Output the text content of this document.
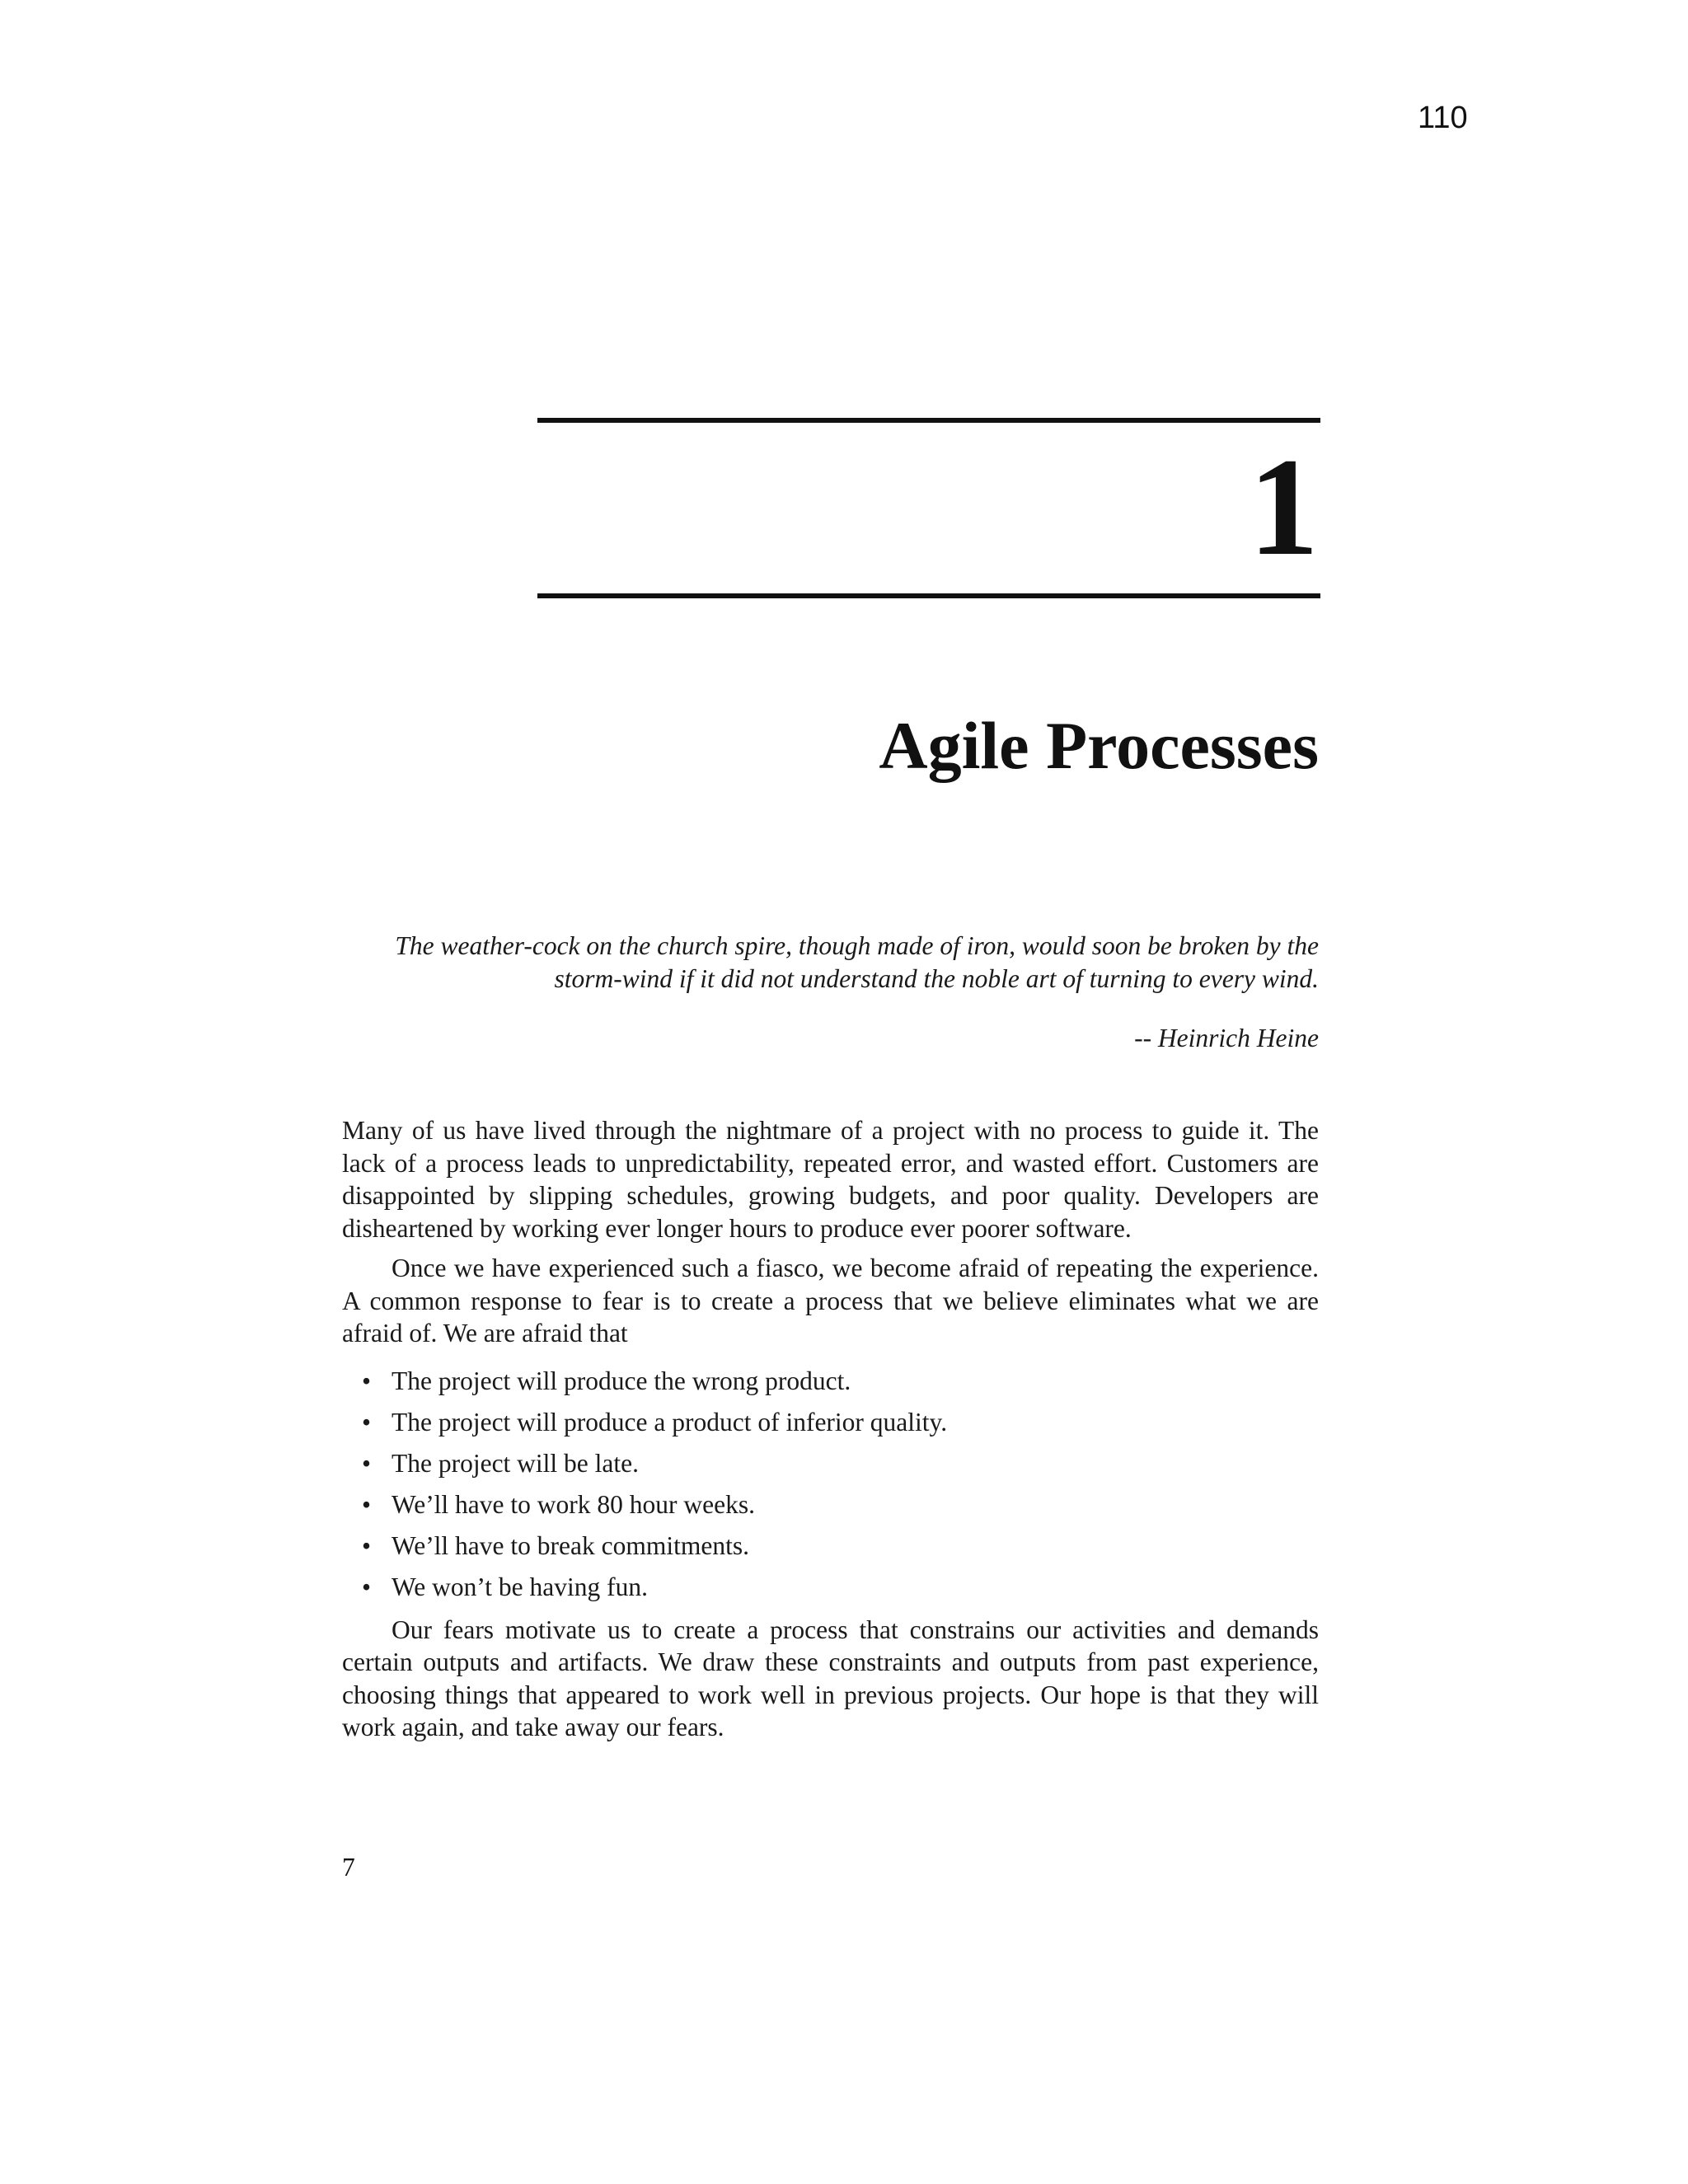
110
1
Agile Processes
The weather-cock on the church spire, though made of iron, would soon be broken by the
storm-wind if it did not understand the noble art of turning to every wind.
-- Heinrich Heine

Many of us have lived through the nightmare of a project with no process to guide it. The lack of a process leads to unpredictability, repeated error, and wasted effort. Customers are disappointed by slipping schedules, growing budgets, and poor quality. Developers are disheartened by working ever longer hours to produce ever poorer software.

Once we have experienced such a fiasco, we become afraid of repeating the experience. A common response to fear is to create a process that we believe eliminates what we are afraid of. We are afraid that

• The project will produce the wrong product.
• The project will produce a product of inferior quality.
• The project will be late.
• We’ll have to work 80 hour weeks.
• We’ll have to break commitments.
• We won’t be having fun.

Our fears motivate us to create a process that constrains our activities and demands certain outputs and artifacts. We draw these constraints and outputs from past experience, choosing things that appeared to work well in previous projects. Our hope is that they will work again, and take away our fears.

7
